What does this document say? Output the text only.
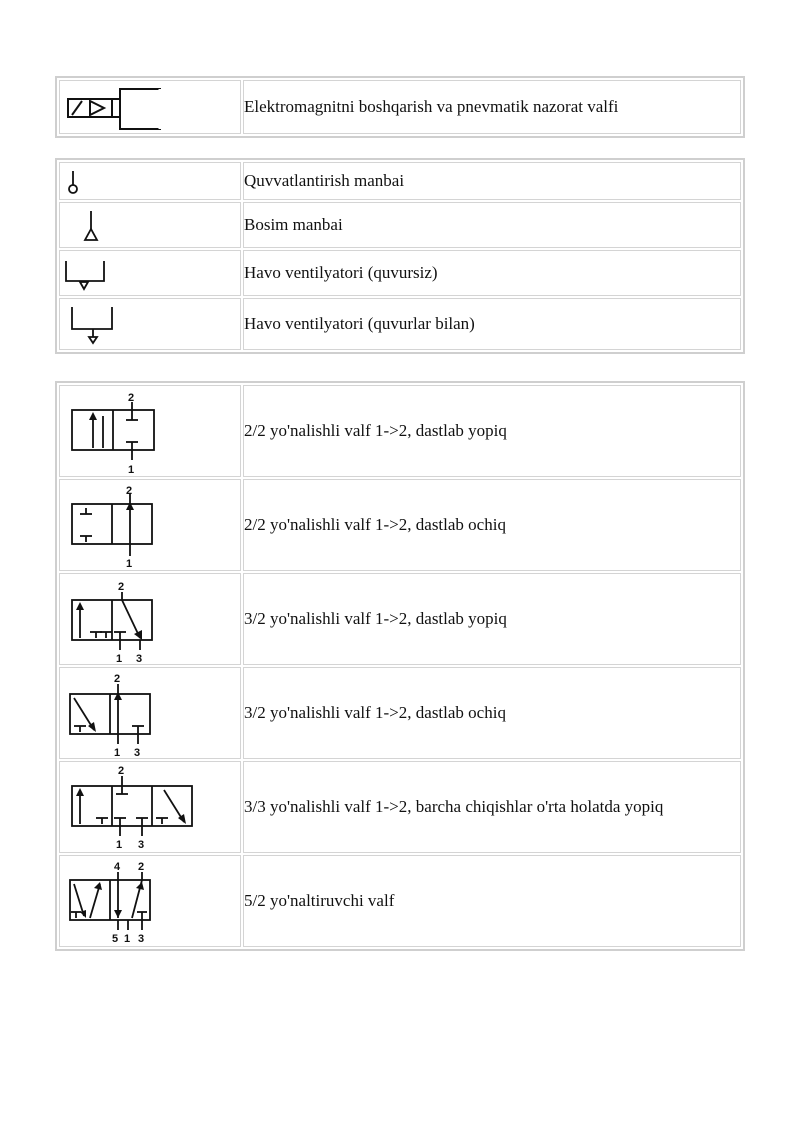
	Elektromagnitni boshqarish va pnevmatik nazorat valfi
	Quvvatlantirish manbai

	Bosim manbai

	Havo ventilyatori (quvursiz)

	Havo ventilyatori (quvurlar bilan)
2
1	2/2 yo'nalishli valf 1->2, dastlab yopiq

2
1	2/2 yo'nalishli valf 1->2, dastlab ochiq

2
1 3	3/2 yo'nalishli valf 1->2, dastlab yopiq

2
1 3	3/2 yo'nalishli valf 1->2, dastlab ochiq

2
1 3	3/3 yo'nalishli valf 1->2, barcha chiqishlar o'rta holatda yopiq

4 2
5 1 3	5/2 yo'naltiruvchi valf
